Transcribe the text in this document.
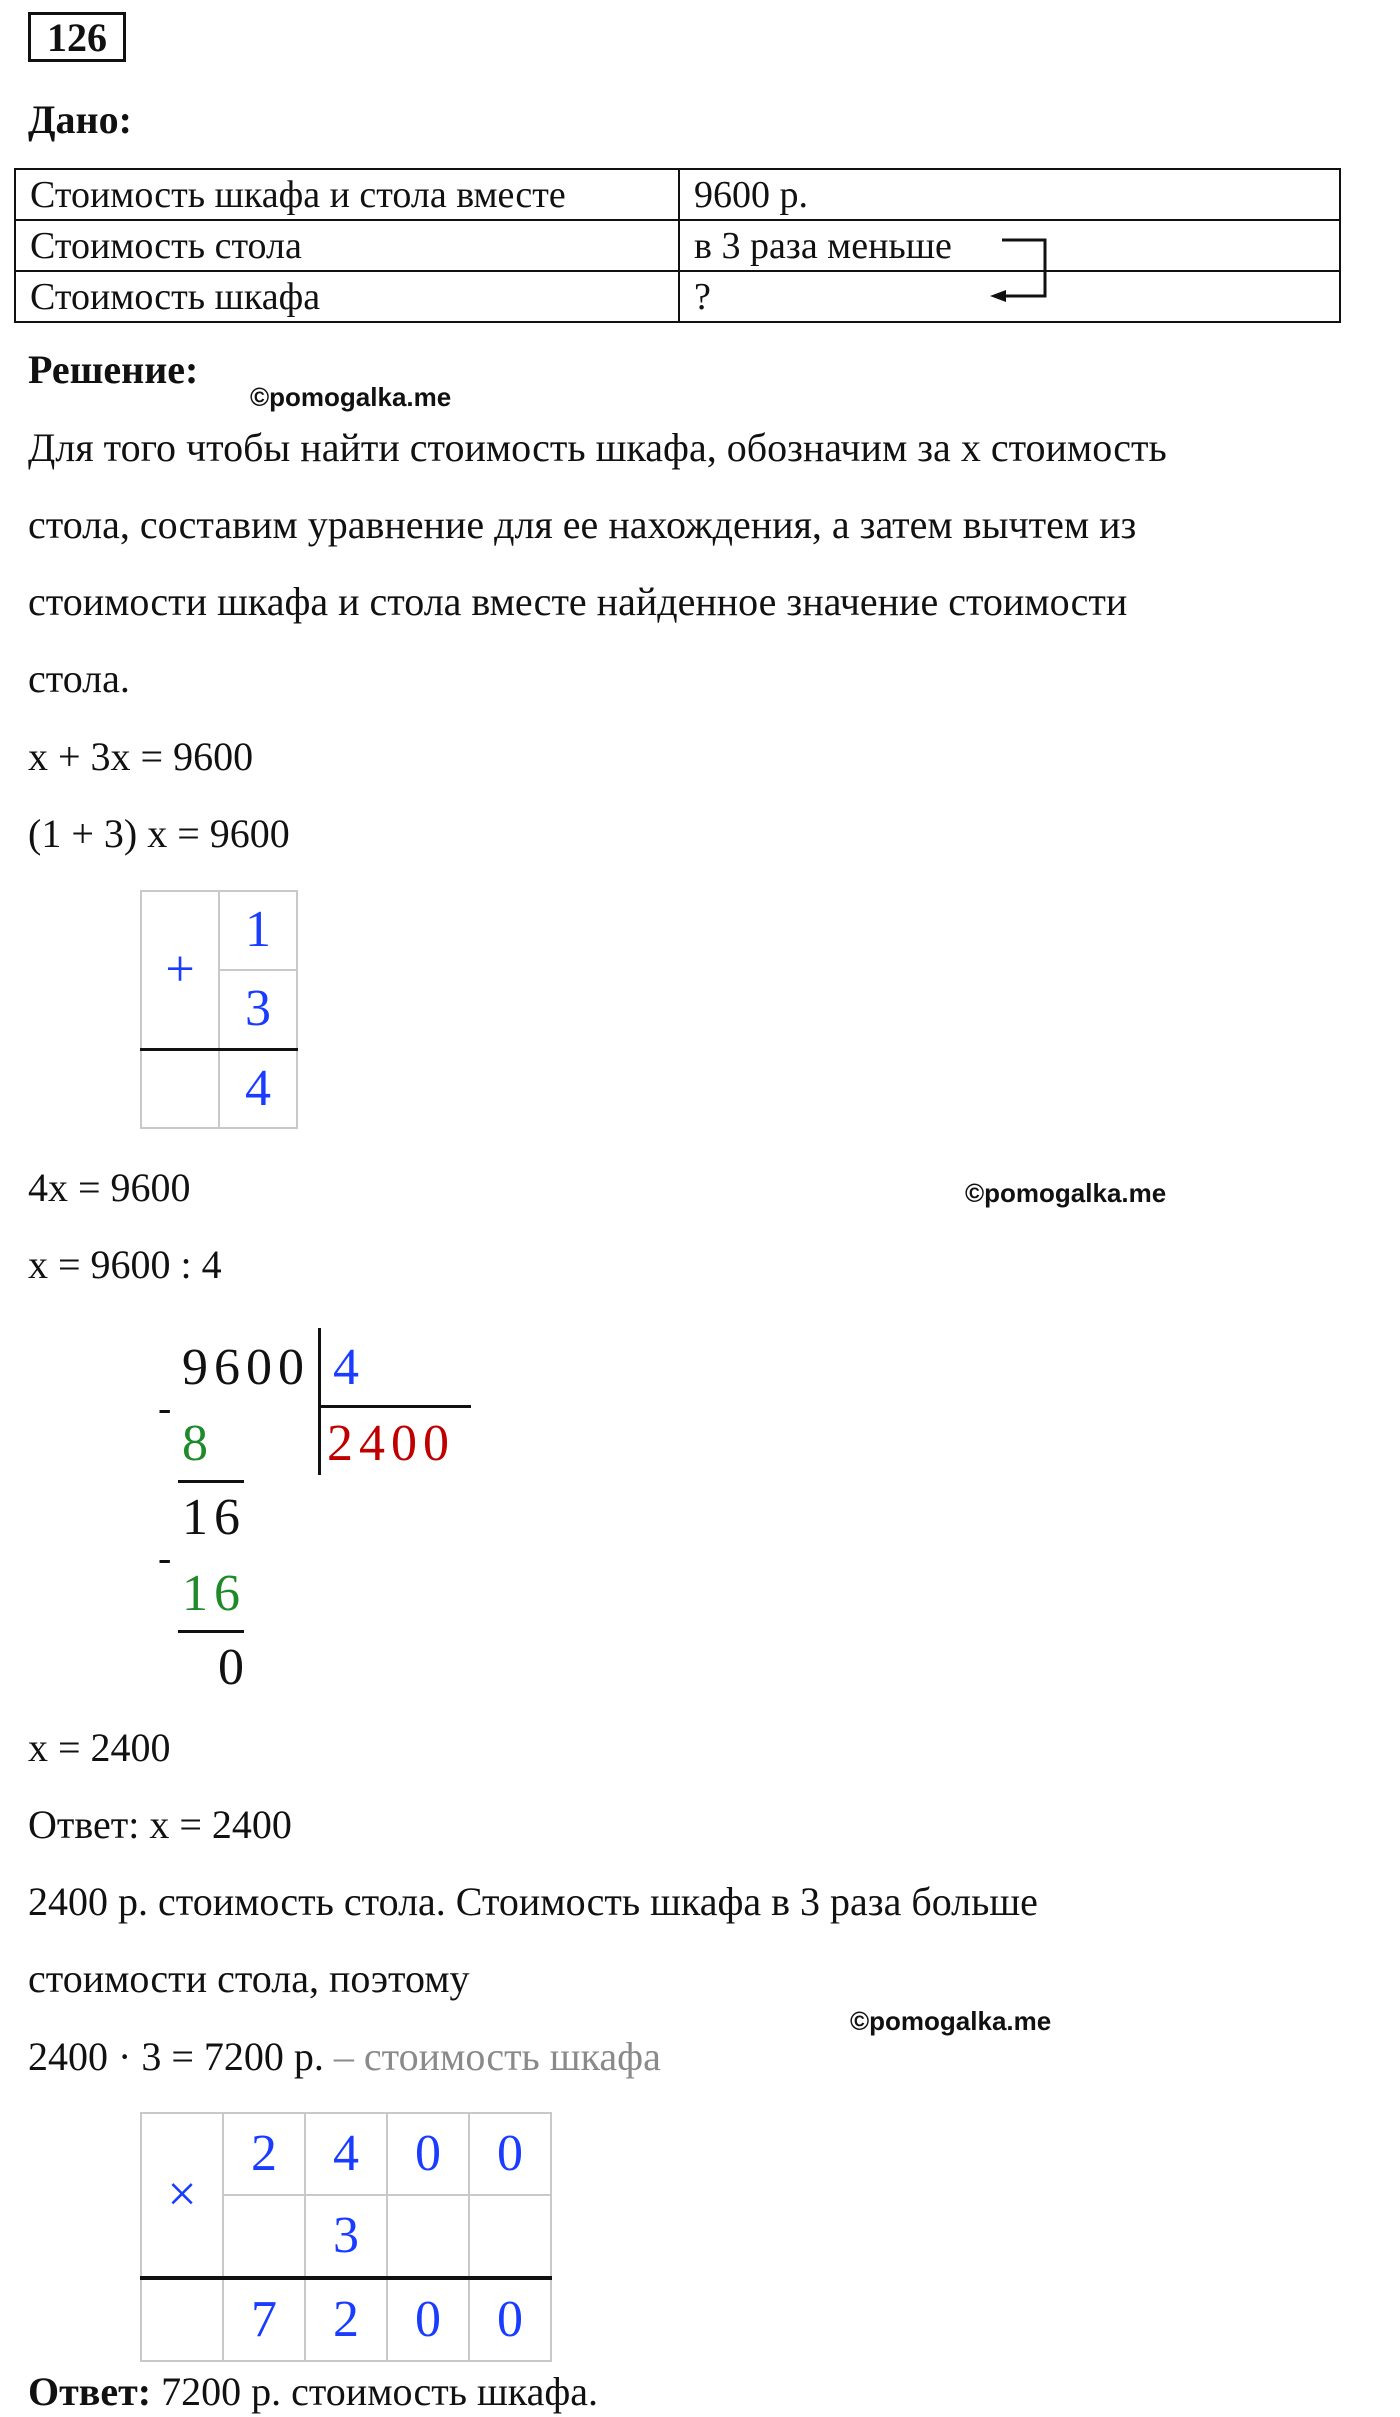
126
Дано:
Стоимость шкафа и стола вместе	9600 р.
Стоимость стола	в 3 раза меньше
Стоимость шкафа	?
Решение:
©pomogalka.me
Для того чтобы найти стоимость шкафа, обозначим за х стоимость
стола, составим уравнение для ее нахождения, а затем вычтем из
стоимости шкафа и стола вместе найденное значение стоимости
стола.
x + 3x = 9600
(1 + 3) x = 9600
+	1
	3
	4
4x = 9600	©pomogalka.me
x = 9600 : 4
9600 4
2400
-
8
16
-
16
0
x = 2400
Ответ: x = 2400
2400 р. стоимость стола. Стоимость шкафа в 3 раза больше
стоимости стола, поэтому
2400 · 3 = 7200 р. – стоимость шкафа
©pomogalka.me
×	2	4	0	0
		3		
	7	2	0	0
Ответ: 7200 р. стоимость шкафа.
